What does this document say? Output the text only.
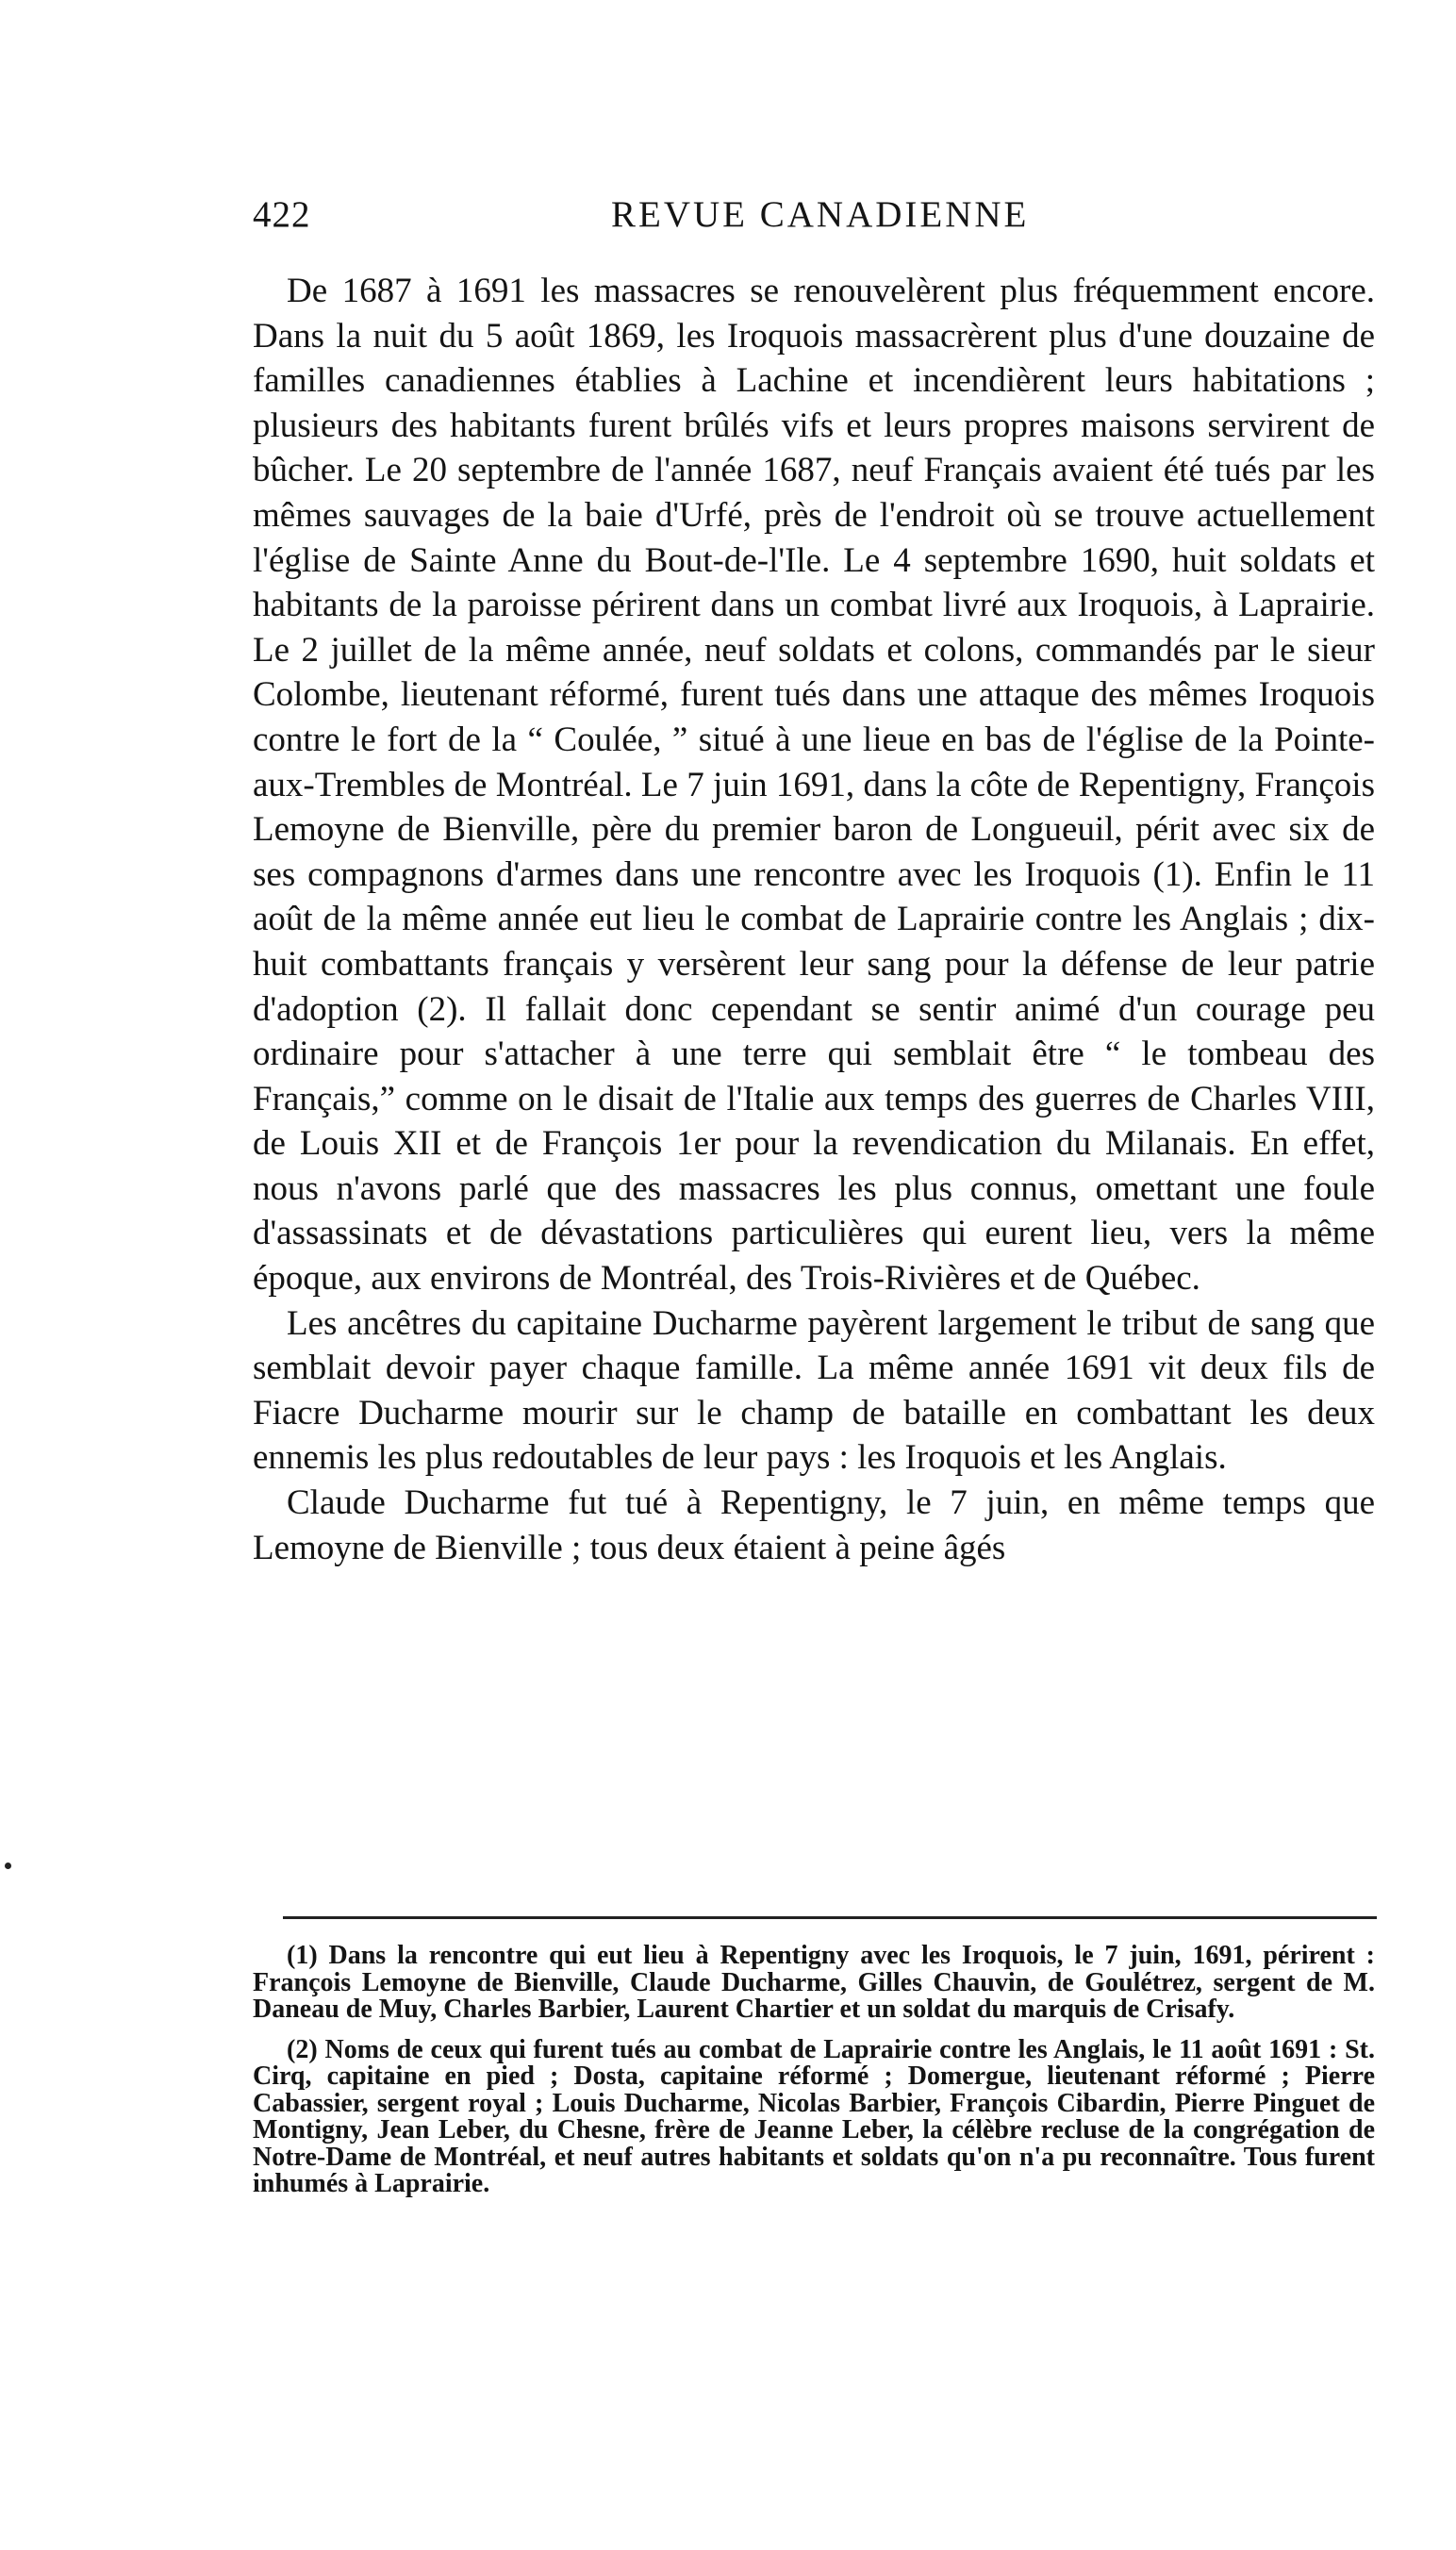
422	REVUE CANADIENNE

De 1687 à 1691 les massacres se renouvelèrent plus fréquemment encore. Dans la nuit du 5 août 1869, les Iroquois massacrèrent plus d'une douzaine de familles canadiennes établies à Lachine et incendièrent leurs habitations ; plusieurs des habitants furent brûlés vifs et leurs propres maisons servirent de bûcher. Le 20 septembre de l'année 1687, neuf Français avaient été tués par les mêmes sauvages de la baie d'Urfé, près de l'endroit où se trouve actuellement l'église de Sainte Anne du Bout-de-l'Ile. Le 4 septembre 1690, huit soldats et habitants de la paroisse périrent dans un combat livré aux Iroquois, à Laprairie. Le 2 juillet de la même année, neuf soldats et colons, commandés par le sieur Colombe, lieutenant réformé, furent tués dans une attaque des mêmes Iroquois contre le fort de la “ Coulée, ” situé à une lieue en bas de l'église de la Pointe-aux-Trembles de Montréal. Le 7 juin 1691, dans la côte de Repentigny, François Lemoyne de Bienville, père du premier baron de Longueuil, périt avec six de ses compagnons d'armes dans une rencontre avec les Iroquois (1). Enfin le 11 août de la même année eut lieu le combat de Laprairie contre les Anglais ; dix-huit combattants français y versèrent leur sang pour la défense de leur patrie d'adoption (2). Il fallait donc cependant se sentir animé d'un courage peu ordinaire pour s'attacher à une terre qui semblait être “ le tombeau des Français,” comme on le disait de l'Italie aux temps des guerres de Charles VIII, de Louis XII et de François 1er pour la revendication du Milanais. En effet, nous n'avons parlé que des massacres les plus connus, omettant une foule d'assassinats et de dévastations particulières qui eurent lieu, vers la même époque, aux environs de Montréal, des Trois-Rivières et de Québec.

Les ancêtres du capitaine Ducharme payèrent largement le tribut de sang que semblait devoir payer chaque famille. La même année 1691 vit deux fils de Fiacre Ducharme mourir sur le champ de bataille en combattant les deux ennemis les plus redoutables de leur pays : les Iroquois et les Anglais.

Claude Ducharme fut tué à Repentigny, le 7 juin, en même temps que Lemoyne de Bienville ; tous deux étaient à peine âgés

(1) Dans la rencontre qui eut lieu à Repentigny avec les Iroquois, le 7 juin, 1691, périrent : François Lemoyne de Bienville, Claude Ducharme, Gilles Chauvin, de Goulétrez, sergent de M. Daneau de Muy, Charles Barbier, Laurent Chartier et un soldat du marquis de Crisafy.

(2) Noms de ceux qui furent tués au combat de Laprairie contre les Anglais, le 11 août 1691 : St. Cirq, capitaine en pied ; Dosta, capitaine réformé ; Domergue, lieutenant réformé ; Pierre Cabassier, sergent royal ; Louis Ducharme, Nicolas Barbier, François Cibardin, Pierre Pinguet de Montigny, Jean Leber, du Chesne, frère de Jeanne Leber, la célèbre recluse de la congrégation de Notre-Dame de Montréal, et neuf autres habitants et soldats qu'on n'a pu reconnaître. Tous furent inhumés à Laprairie.
